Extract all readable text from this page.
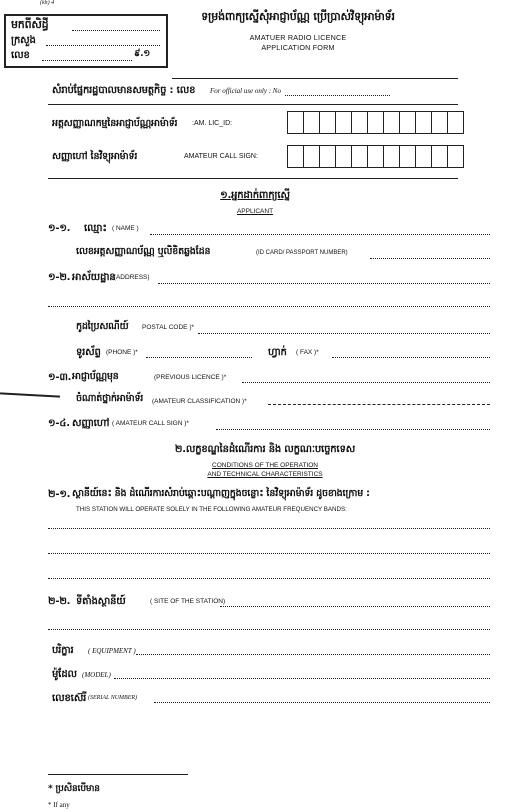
(kh) 4
មកពីសិដ្ធី
ក្រសួង
លេខ	៩.១
ទម្រង់ពាក្យស្នើសុំអាជ្ញាប័ណ្ណ ប្រើប្រាស់វិទ្យុអាម៉ាទ័រ
AMATUER RADIO LICENCE
APPLICATION FORM
សំរាប់ផ្នែករដ្ឋបាលមានសមត្ថកិច្ច : លេខ For official use only : No
អត្តសញ្ញាណកម្មនៃអាជ្ញាប័ណ្ណអាម៉ាទ័រ :AM. LIC_ID:
សញ្ញាហៅ នៃវិទ្យុអាម៉ាទ័រ	AMATEUR CALL SIGN:
១.អ្នកដាក់ពាក្យស្នើ
APPLICANT
១-១. ឈ្មោះ ( NAME )
លេខអត្តសញ្ញាណប័ណ្ណ ឬលិខិតឆ្លងដែន	(ID CARD/ PASSPORT NUMBER)
១-២. អាស័យដ្ឋាន
:(ADDRESS)
កូដប្រៃសណីយ៍ POSTAL CODE )*
ទូរស័ព្ទ (PHONE )*	ហ្វាក់ ( FAX )*
១-៣. អាជ្ញាប័ណ្ណមុន	(PREVIOUS LICENCE )*
ចំណាត់ថ្នាក់អាម៉ាទ័រ (AMATEUR CLASSIFICATION )*
១-៤. សញ្ញាហៅ ( AMATEUR CALL SIGN )*
២.លក្ខខណ្ឌនៃដំណើរការ និង លក្ខណៈបច្ចេកទេស
CONDITIONS OF THE OPERATION
AND TECHNICAL CHARACTERISTICS
២-១. ស្ថានីយ៍នេះ និង ដំណើរការសំរាប់ឆ្ពោះបណ្ដាញក្នុងចន្លោះ នៃវិទ្យុអាម៉ាទ័រ ដូចខាងក្រោម :
THIS STATION WILL OPERATE SOLELY IN THE FOLLOWING AMATEUR FREQUENCY BANDS:
២-២. ទីតាំងស្ថានីយ៍	( SITE OF THE STATION)
បរិក្ខារ ( EQUIPMENT )
ម៉ូដែល (MODEL)
លេខស៊េរី (SERIAL NUMBER)
* ប្រសិនបើមាន
* If any
